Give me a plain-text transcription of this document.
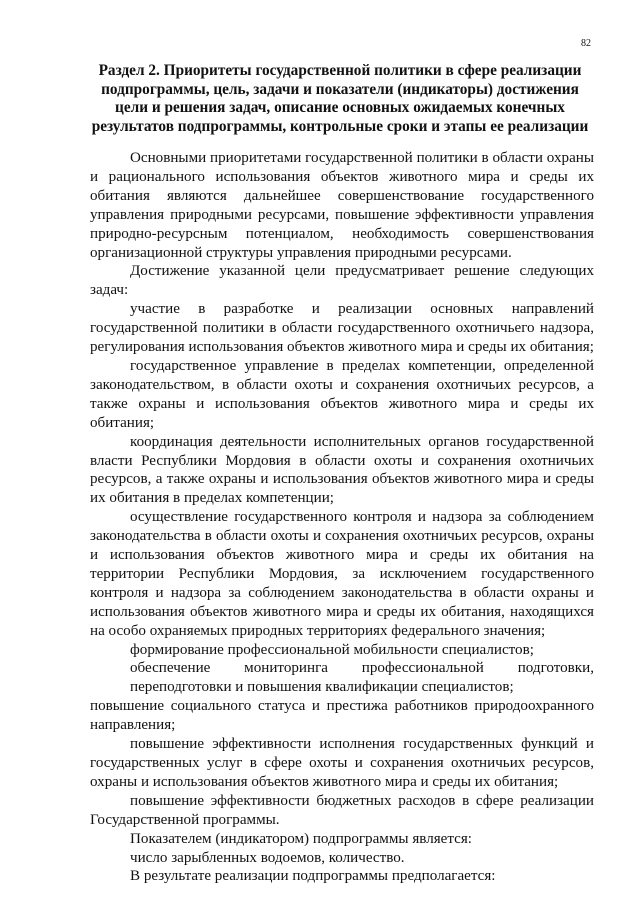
82
Раздел 2. Приоритеты государственной политики в сфере реализации
подпрограммы, цель, задачи и показатели (индикаторы) достижения
цели и решения задач, описание основных ожидаемых конечных
результатов подпрограммы, контрольные сроки и этапы ее реализации

Основными приоритетами государственной политики в области охраны и рационального использования объектов животного мира и среды их обитания являются дальнейшее совершенствование государственного управления природными ресурсами, повышение эффективности управления природно-ресурсным потенциалом, необходимость совершенствования организационной структуры управления природными ресурсами.

Достижение указанной цели предусматривает решение следующих задач:

участие в разработке и реализации основных направлений государственной политики в области государственного охотничьего надзора, регулирования использования объектов животного мира и среды их обитания;

государственное управление в пределах компетенции, определенной законодательством, в области охоты и сохранения охотничьих ресурсов, а также охраны и использования объектов животного мира и среды их обитания;

координация деятельности исполнительных органов государственной власти Республики Мордовия в области охоты и сохранения охотничьих ресурсов, а также охраны и использования объектов животного мира и среды их обитания в пределах компетенции;

осуществление государственного контроля и надзора за соблюдением законодательства в области охоты и сохранения охотничьих ресурсов, охраны и использования объектов животного мира и среды их обитания на территории Республики Мордовия, за исключением государственного контроля и надзора за соблюдением законодательства в области охраны и использования объектов животного мира и среды их обитания, находящихся на особо охраняемых природных территориях федерального значения;

формирование профессиональной мобильности специалистов;

обеспечение мониторинга профессиональной подготовки,

переподготовки и повышения квалификации специалистов;

повышение социального статуса и престижа работников природоохранного направления;

повышение эффективности исполнения государственных функций и государственных услуг в сфере охоты и сохранения охотничьих ресурсов, охраны и использования объектов животного мира и среды их обитания;

повышение эффективности бюджетных расходов в сфере реализации Государственной программы.

Показателем (индикатором) подпрограммы является:

число зарыбленных водоемов, количество.

В результате реализации подпрограммы предполагается:
